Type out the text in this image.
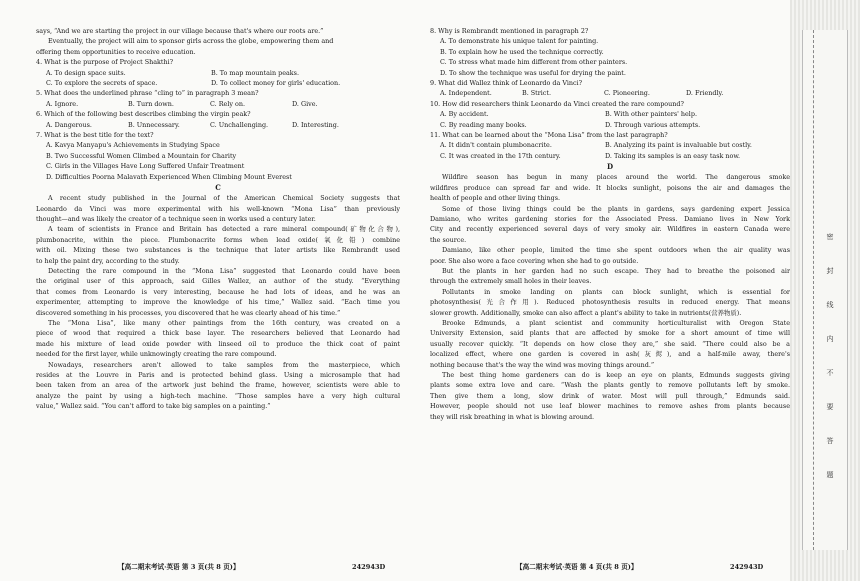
says, “And we are starting the project in our village because that's where our roots are.”
Eventually, the project will aim to sponsor girls across the globe, empowering them and
offering them opportunities to receive education.
4. What is the purpose of Project Shakthi?
A. To design space suits.	B. To map mountain peaks.
C. To explore the secrets of space.	D. To collect money for girls' education.
5. What does the underlined phrase “cling to” in paragraph 3 mean?
A. Ignore.	B. Turn down.	C. Rely on.	D. Give.
6. Which of the following best describes climbing the virgin peak?
A. Dangerous.	B. Unnecessary.	C. Unchallenging.	D. Interesting.
7. What is the best title for the text?
A. Kavya Manyapu's Achievements in Studying Space
B. Two Successful Women Climbed a Mountain for Charity
C. Girls in the Villages Have Long Suffered Unfair Treatment
D. Difficulties Poorna Malavath Experienced When Climbing Mount Everest
C
A recent study published in the Journal of the American Chemical Society suggests that
Leonardo da Vinci was more experimental with his well-known “Mona Lisa” than previously
thought—and was likely the creator of a technique seen in works used a century later.
A team of scientists in France and Britain has detected a rare mineral compound(矿物化合物),
plumbonacrite, within the piece. Plumbonacrite forms when lead oxide(氧化铅) combine
with oil. Mixing these two substances is the technique that later artists like Rembrandt used
to help the paint dry, according to the study.
Detecting the rare compound in the “Mona Lisa” suggested that Leonardo could have been
the original user of this approach, said Gilles Wallez, an author of the study. “Everything
that comes from Leonardo is very interesting, because he had lots of ideas, and he was an
experimenter, attempting to improve the knowledge of his time,” Wallez said. “Each time you
discovered something in his processes, you discovered that he was clearly ahead of his time.”
The “Mona Lisa”, like many other paintings from the 16th century, was created on a
piece of wood that required a thick base layer. The researchers believed that Leonardo had
made his mixture of lead oxide powder with linseed oil to produce the thick coat of paint
needed for the first layer, while unknowingly creating the rare compound.
Nowadays, researchers aren't allowed to take samples from the masterpiece, which
resides at the Louvre in Paris and is protected behind glass. Using a microsample that had
been taken from an area of the artwork just behind the frame, however, scientists were able to
analyze the paint by using a high-tech machine. “Those samples have a very high cultural
value,” Wallez said. “You can't afford to take big samples on a painting.”
【高二期末考试·英语 第 3 页(共 8 页)】	242943D
8. Why is Rembrandt mentioned in paragraph 2?
A. To demonstrate his unique talent for painting.
B. To explain how he used the technique correctly.
C. To stress what made him different from other painters.
D. To show the technique was useful for drying the paint.
9. What did Wallez think of Leonardo da Vinci?
A. Independent.	B. Strict.	C. Pioneering.	D. Friendly.
10. How did researchers think Leonardo da Vinci created the rare compound?
A. By accident.	B. With other painters' help.
C. By reading many books.	D. Through various attempts.
11. What can be learned about the “Mona Lisa” from the last paragraph?
A. It didn't contain plumbonacrite.	B. Analyzing its paint is invaluable but costly.
C. It was created in the 17th century.	D. Taking its samples is an easy task now.
D
Wildfire season has begun in many places around the world. The dangerous smoke
wildfires produce can spread far and wide. It blocks sunlight, poisons the air and damages the
health of people and other living things.
Some of those living things could be the plants in gardens, says gardening expert Jessica
Damiano, who writes gardening stories for the Associated Press. Damiano lives in New York
City and recently experienced several days of very smoky air. Wildfires in eastern Canada were
the source.
Damiano, like other people, limited the time she spent outdoors when the air quality was
poor. She also wore a face covering when she had to go outside.
But the plants in her garden had no such escape. They had to breathe the poisoned air
through the extremely small holes in their leaves.
Pollutants in smoke landing on plants can block sunlight, which is essential for
photosynthesis(光合作用). Reduced photosynthesis results in reduced energy. That means
slower growth. Additionally, smoke can also affect a plant's ability to take in nutrients(营养物质).
Brooke Edmunds, a plant scientist and community horticulturalist with Oregon State
University Extension, said plants that are affected by smoke for a short amount of time will
usually recover quickly. “It depends on how close they are,” she said. “There could also be a
localized effect, where one garden is covered in ash(灰烬), and a half-mile away, there's
nothing because that's the way the wind was moving things around.”
The best thing home gardeners can do is keep an eye on plants, Edmunds suggests giving
plants some extra love and care. “Wash the plants gently to remove pollutants left by smoke.
Then give them a long, slow drink of water. Most will pull through,” Edmunds said.
However, people should not use leaf blower machines to remove ashes from plants because
they will risk breathing in what is blowing around.
【高二期末考试·英语 第 4 页(共 8 页)】	242943D
密 封 线 内 不 要 答 题
